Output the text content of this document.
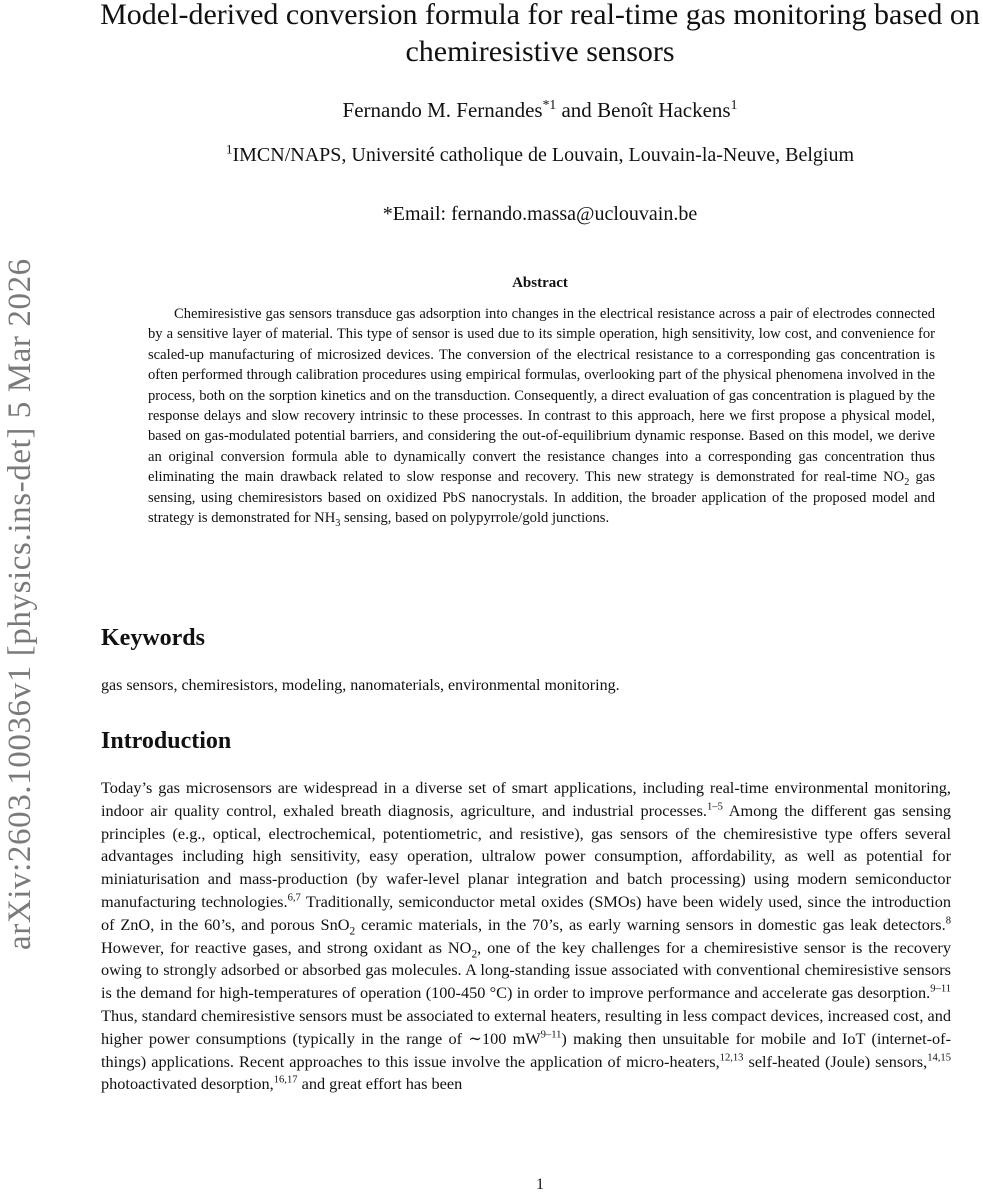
arXiv:2603.10036v1 [physics.ins-det] 5 Mar 2026
Model-derived conversion formula for real-time gas monitoring based on chemiresistive sensors
Fernando M. Fernandes$^{*1}$ and Benoît Hackens$^1$
$^1$IMCN/NAPS, Université catholique de Louvain, Louvain-la-Neuve, Belgium
*Email: fernando.massa@uclouvain.be
Abstract

Chemiresistive gas sensors transduce gas adsorption into changes in the electrical resistance across a pair of electrodes connected by a sensitive layer of material. This type of sensor is used due to its simple operation, high sensitivity, low cost, and convenience for scaled-up manufacturing of microsized devices. The conversion of the electrical resistance to a corresponding gas concentration is often performed through calibration procedures using empirical formulas, overlooking part of the physical phenomena involved in the process, both on the sorption kinetics and on the transduction. Consequently, a direct evaluation of gas concentration is plagued by the response delays and slow recovery intrinsic to these processes. In contrast to this approach, here we first propose a physical model, based on gas-modulated potential barriers, and considering the out-of-equilibrium dynamic response. Based on this model, we derive an original conversion formula able to dynamically convert the resistance changes into a corresponding gas concentration thus eliminating the main drawback related to slow response and recovery. This new strategy is demonstrated for real-time $NO_2$ gas sensing, using chemiresistors based on oxidized PbS nanocrystals. In addition, the broader application of the proposed model and strategy is demonstrated for $NH_3$ sensing, based on polypyrrole/gold junctions.

Keywords

gas sensors, chemiresistors, modeling, nanomaterials, environmental monitoring.

Introduction

Today’s gas microsensors are widespread in a diverse set of smart applications, including real-time environmental monitoring, indoor air quality control, exhaled breath diagnosis, agriculture, and industrial processes.$^{1-5}$ Among the different gas sensing principles (e.g., optical, electrochemical, potentiometric, and resistive), gas sensors of the chemiresistive type offers several advantages including high sensitivity, easy operation, ultralow power consumption, affordability, as well as potential for miniaturisation and mass-production (by wafer-level planar integration and batch processing) using modern semiconductor manufacturing technologies.$^{6,7}$ Traditionally, semiconductor metal oxides (SMOs) have been widely used, since the introduction of ZnO, in the 60’s, and porous SnO$_2$ ceramic materials, in the 70’s, as early warning sensors in domestic gas leak detectors.$^8$ However, for reactive gases, and strong oxidant as $NO_2$, one of the key challenges for a chemiresistive sensor is the recovery owing to strongly adsorbed or absorbed gas molecules. A long-standing issue associated with conventional chemiresistive sensors is the demand for high-temperatures of operation (100-450 °C) in order to improve performance and accelerate gas desorption.$^{9-11}$ Thus, standard chemiresistive sensors must be associated to external heaters, resulting in less compact devices, increased cost, and higher power consumptions (typically in the range of ∼100 $mW^{9-11}$) making then unsuitable for mobile and IoT (internet-of-things) applications. Recent approaches to this issue involve the application of micro-heaters,$^{12,13}$ self-heated (Joule) sensors,$^{14,15}$ photoactivated desorption,$^{16,17}$ and great effort has been

1
